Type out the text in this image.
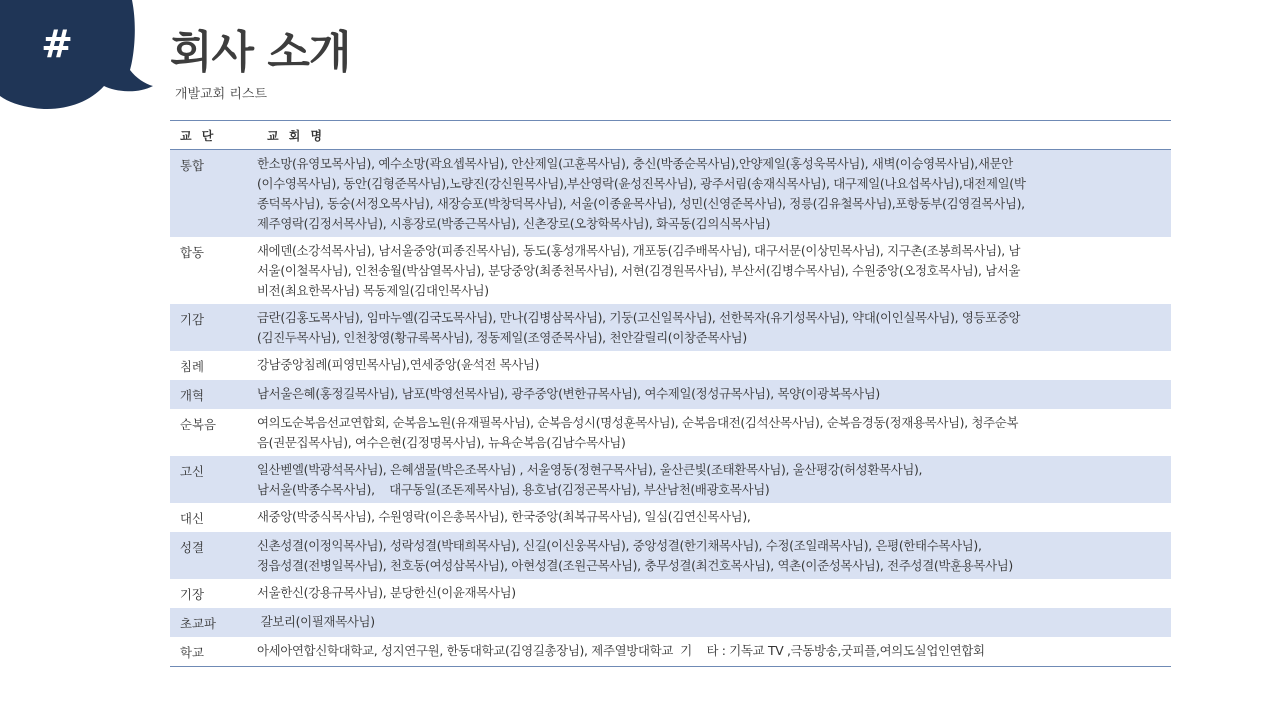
# 회사 소개
개발교회 리스트
교 단	교 회 명
통합	한소망(유영모목사님), 예수소망(곽요셉목사님), 안산제일(고훈목사님), 충신(박종순목사님),안양제일(홍성욱목사님), 새벽(이승영목사님),새문안
(이수영목사님), 동안(김형준목사님),노량진(강신원목사님),부산영락(윤성진목사님), 광주서림(송재식목사님), 대구제일(나요섭목사님),대전제일(박
종덕목사님), 동숭(서정오목사님), 새장승포(박창덕목사님), 서울(이종윤목사님), 성민(신영준목사님), 정릉(김유철목사님),포항동부(김영걸목사님),
제주영락(김정서목사님), 시흥장로(박종근목사님), 신촌장로(오창학목사님), 화곡동(김의식목사님)

합동	새에덴(소강석목사님), 남서울중앙(피종진목사님), 동도(홍성개목사님), 개포동(김주배목사님), 대구서문(이상민목사님), 지구촌(조봉희목사님), 남
서울(이철목사님), 인천송월(박삼열목사님), 분당중앙(최종천목사님), 서현(김경원목사님), 부산서(김병수목사님), 수원중앙(오정호목사님), 남서울
비전(최요한목사님) 목동제일(김대인목사님)

기감	금란(김홍도목사님), 임마누엘(김국도목사님), 만나(김병삼목사님), 기둥(고신일목사님), 선한목자(유기성목사님), 약대(이인실목사님), 영등포중앙
(김진두목사님), 인천창영(황규록목사님), 정동제일(조영준목사님), 천안갈릴리(이창준목사님)

침례	강남중앙침례(피영민목사님),연세중앙(윤석전 목사님)

개혁	남서울은혜(홍정길목사님), 남포(박영선목사님), 광주중앙(변한규목사님), 여수제일(정성규목사님), 목양(이광복목사님)

순복음	여의도순복음선교연합회, 순복음노원(유재필목사님), 순복음성시(명성훈목사님), 순복음대전(김석산목사님), 순복음경동(정재용목사님), 청주순복
음(권문집목사님), 여수은현(김정명목사님), 뉴욕순복음(김남수목사님)

고신	일산벧엘(박광석목사님), 은혜샘물(박은조목사님) , 서울영동(정현구목사님), 울산큰빛(조태환목사님), 울산평강(허성환목사님),
남서울(박종수목사님),    대구동일(조돈제목사님), 용호남(김정곤목사님), 부산남천(배광호목사님)

대신	새중앙(박중식목사님), 수원영락(이은총목사님), 한국중앙(최복규목사님), 일심(김연신목사님),

성결	신촌성결(이정익목사님), 성락성결(박태희목사님), 신길(이신웅목사님), 중앙성결(한기채목사님), 수정(조일래목사님), 은평(한태수목사님),
정읍성결(전병일목사님), 천호동(여성삼목사님), 아현성결(조원근목사님), 충무성결(최건호목사님), 역촌(이준성목사님), 전주성결(박훈용목사님)

기장	서울한신(강용규목사님), 분당한신(이윤재목사님)

초교파	갈보리(이필재목사님)

학교	아세아연합신학대학교, 성지연구원, 한동대학교(김영길총장님), 제주열방대학교  기    타 : 기독교 TV ,극동방송,굿피플,여의도실업인연합회
